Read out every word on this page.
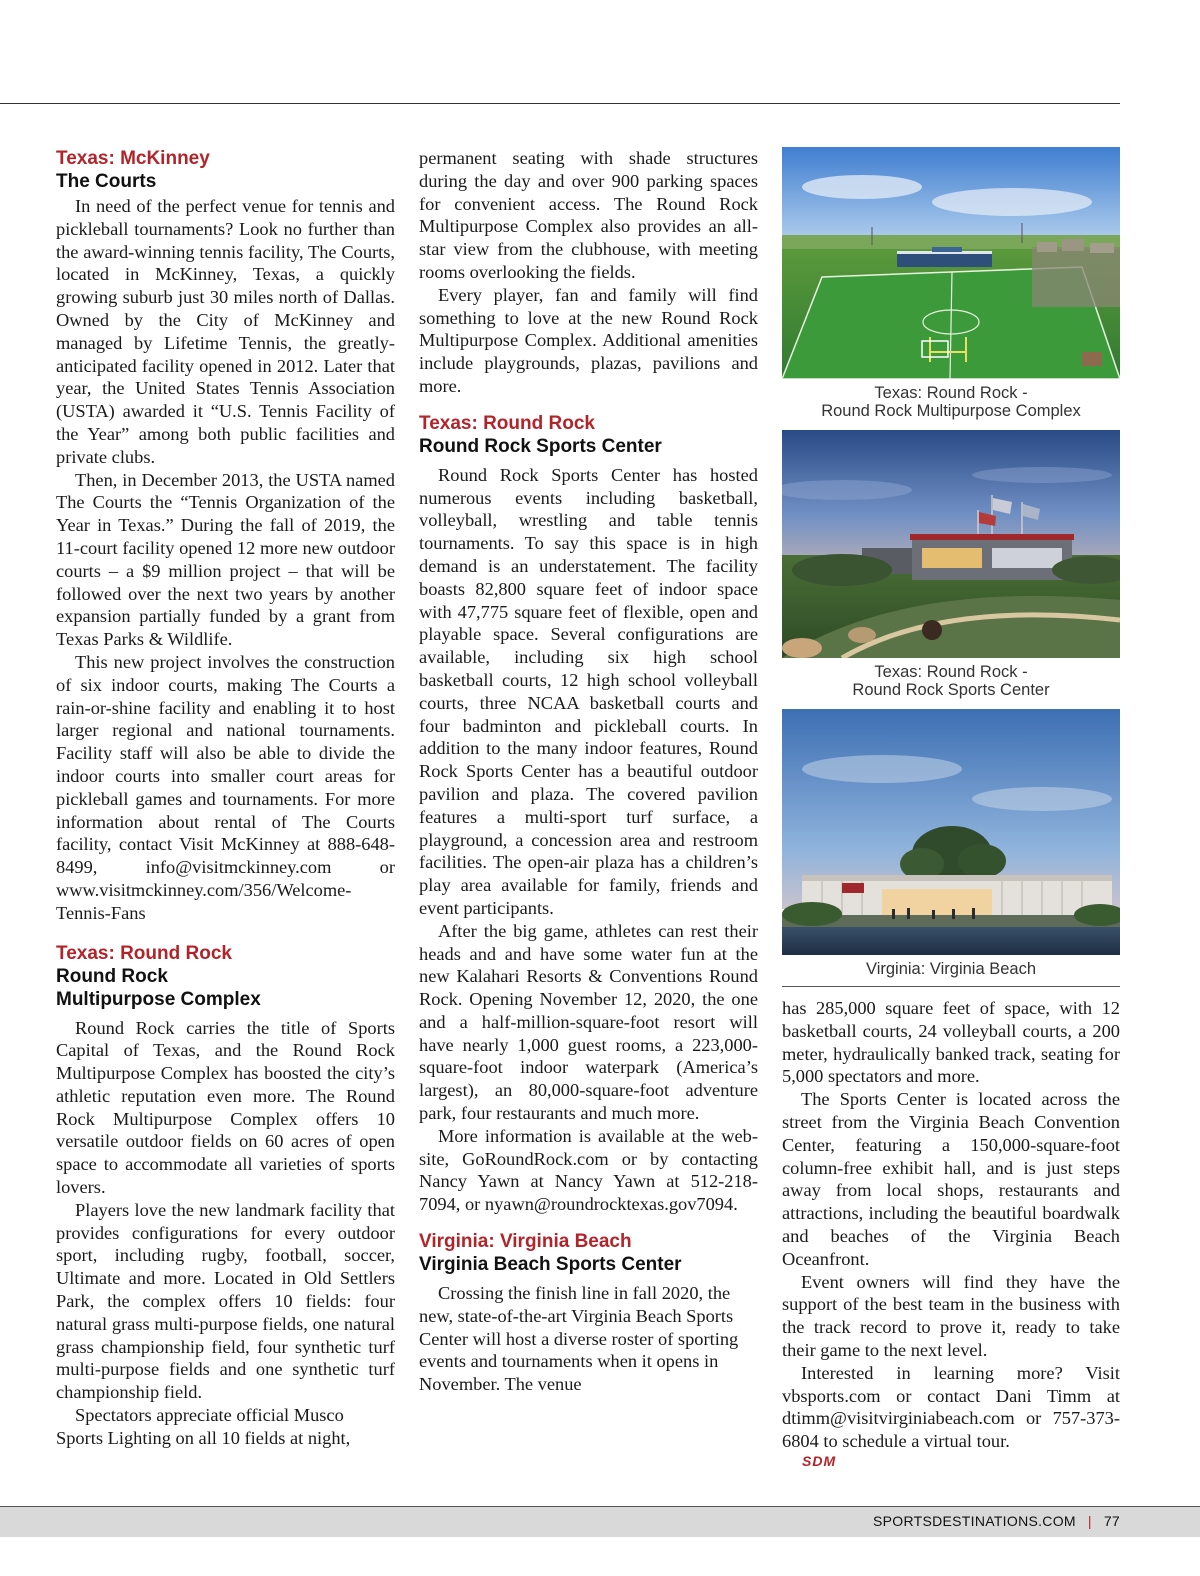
Texas: McKinney
The Courts

In need of the perfect venue for tennis and pickleball tournaments? Look no further than the award-winning tennis facility, The Courts, located in McKinney, Texas, a quickly growing suburb just 30 miles north of Dallas. Owned by the City of McKinney and managed by Lifetime Tennis, the greatly-anticipated facility opened in 2012. Later that year, the United States Tennis Association (USTA) awarded it “U.S. Tennis Facility of the Year” among both public facilities and private clubs.

Then, in December 2013, the USTA named The Courts the “Tennis Organization of the Year in Texas.” During the fall of 2019, the 11-court facility opened 12 more new outdoor courts – a $9 million project – that will be followed over the next two years by another expansion partially funded by a grant from Texas Parks & Wildlife.

This new project involves the construction of six indoor courts, making The Courts a rain-or-shine facility and enabling it to host larger regional and national tournaments. Facility staff will also be able to divide the indoor courts into smaller court areas for pickleball games and tournaments. For more information about rental of The Courts facility, contact Visit McKinney at 888-648-8499, info@visitmckinney.com or www.visitmckinney.com/356/Welcome-Tennis-Fans

Texas: Round Rock
Round Rock
Multipurpose Complex

Round Rock carries the title of Sports Capital of Texas, and the Round Rock Multipurpose Complex has boosted the city’s athletic reputation even more. The Round Rock Multipurpose Complex offers 10 versatile outdoor fields on 60 acres of open space to accommodate all varieties of sports lovers.

Players love the new landmark facility that provides configurations for every outdoor sport, including rugby, football, soccer, Ultimate and more. Located in Old Settlers Park, the complex offers 10 fields: four natural grass multi-purpose fields, one natural grass championship field, four synthetic turf multi-purpose fields and one synthetic turf championship field.

Spectators appreciate official Musco Sports Lighting on all 10 fields at night,

permanent seating with shade structures during the day and over 900 parking spaces for convenient access. The Round Rock Multipurpose Complex also provides an all-star view from the clubhouse, with meeting rooms overlooking the fields.

Every player, fan and family will find something to love at the new Round Rock Multipurpose Complex. Additional amenities include playgrounds, plazas, pavilions and more.

Texas: Round Rock
Round Rock Sports Center

Round Rock Sports Center has hosted numerous events including basketball, volleyball, wrestling and table tennis tournaments. To say this space is in high demand is an understatement. The facility boasts 82,800 square feet of indoor space with 47,775 square feet of flexible, open and playable space. Several configurations are available, including six high school basketball courts, 12 high school volleyball courts, three NCAA basketball courts and four badminton and pickleball courts. In addition to the many indoor features, Round Rock Sports Center has a beautiful outdoor pavilion and plaza. The covered pavilion features a multi-sport turf surface, a playground, a concession area and restroom facilities. The open-air plaza has a children’s play area available for family, friends and event participants.

After the big game, athletes can rest their heads and and have some water fun at the new Kalahari Resorts & Conventions Round Rock. Opening November 12, 2020, the one and a half-million-square-foot resort will have nearly 1,000 guest rooms, a 223,000-square-foot indoor waterpark (America’s largest), an 80,000-square-foot adventure park, four restaurants and much more.

More information is available at the website, GoRoundRock.com or by contacting Nancy Yawn at Nancy Yawn at 512-218-7094, or nyawn@roundrocktexas.gov7094.

Virginia: Virginia Beach
Virginia Beach Sports Center

Crossing the finish line in fall 2020, the new, state-of-the-art Virginia Beach Sports Center will host a diverse roster of sporting events and tournaments when it opens in November. The venue

Texas: Round Rock -
Round Rock Multipurpose Complex
Texas: Round Rock -
Round Rock Sports Center
Virginia: Virginia Beach

has 285,000 square feet of space, with 12 basketball courts, 24 volleyball courts, a 200 meter, hydraulically banked track, seating for 5,000 spectators and more.

The Sports Center is located across the street from the Virginia Beach Convention Center, featuring a 150,000-square-foot column-free exhibit hall, and is just steps away from local shops, restaurants and attractions, including the beautiful boardwalk and beaches of the Virginia Beach Oceanfront.

Event owners will find they have the support of the best team in the business with the track record to prove it, ready to take their game to the next level.

Interested in learning more? Visit vbsports.com or contact Dani Timm at dtimm@visitvirginiabeach.com or 757-373-6804 to schedule a virtual tour.

SDM
SPORTSDESTINATIONS.COM | 77
